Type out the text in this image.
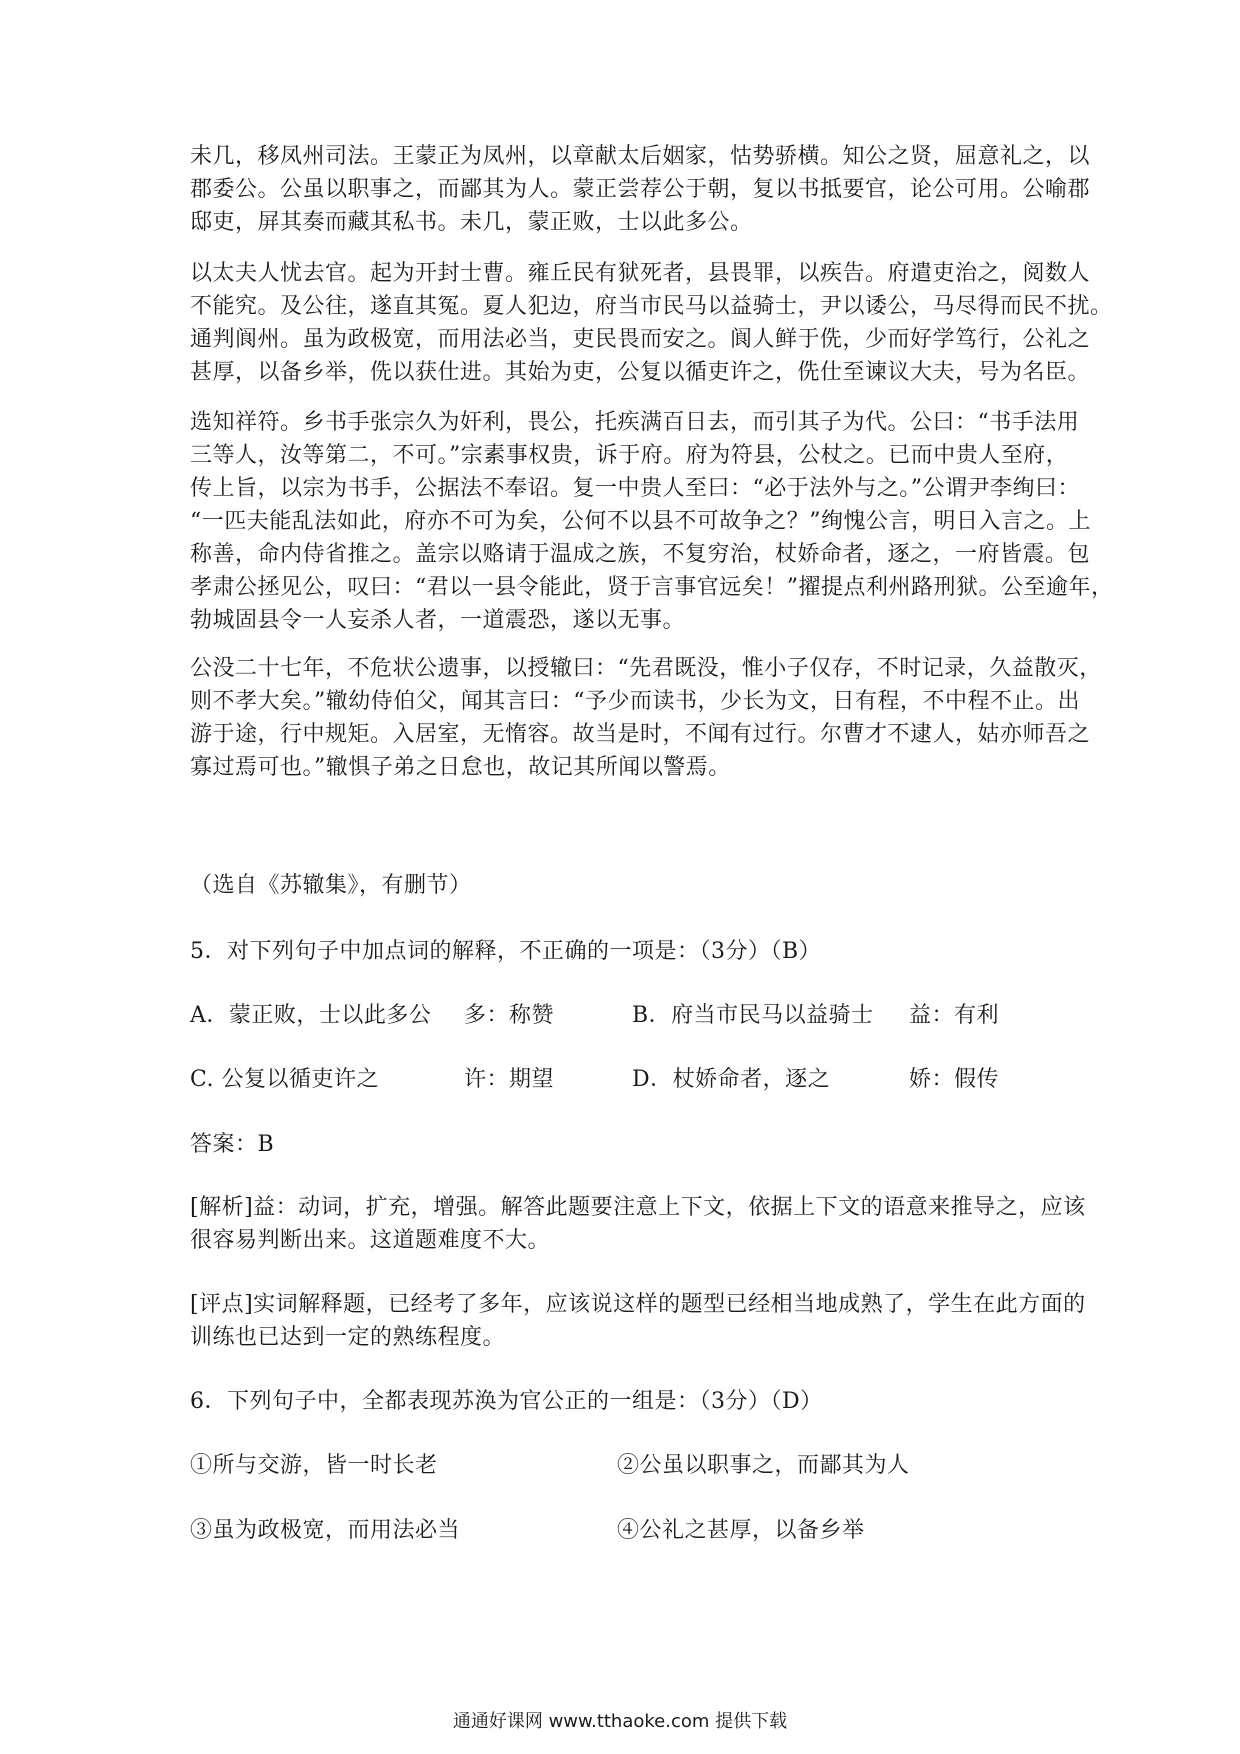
未几，移凤州司法。王蒙正为凤州，以章献太后姻家，怙势骄横。知公之贤，屈意礼之，以
郡委公。公虽以职事之，而鄙其为人。蒙正尝荐公于朝，复以书抵要官，论公可用。公喻郡
邸吏，屏其奏而藏其私书。未几，蒙正败，士以此多公。
以太夫人忧去官。起为开封士曹。雍丘民有狱死者，县畏罪，以疾告。府遣吏治之，阅数人
不能究。及公往，遂直其冤。夏人犯边，府当市民马以益骑士，尹以诿公，马尽得而民不扰。
通判阆州。虽为政极宽，而用法必当，吏民畏而安之。阆人鲜于侁，少而好学笃行，公礼之
甚厚，以备乡举，侁以获仕进。其始为吏，公复以循吏许之，侁仕至谏议大夫，号为名臣。
选知祥符。乡书手张宗久为奸利，畏公，托疾满百日去，而引其子为代。公曰：“书手法用
三等人，汝等第二，不可。”宗素事权贵，诉于府。府为符县，公杖之。已而中贵人至府，
传上旨，以宗为书手，公据法不奉诏。复一中贵人至曰：“必于法外与之。”公谓尹李绚曰：
“一匹夫能乱法如此，府亦不可为矣，公何不以县不可故争之？”绚愧公言，明日入言之。上
称善，命内侍省推之。盖宗以赂请于温成之族，不复穷治，杖娇命者，逐之，一府皆震。包
孝肃公拯见公，叹曰：“君以一县令能此，贤于言事官远矣！”擢提点利州路刑狱。公至逾年，
勃城固县令一人妄杀人者，一道震恐，遂以无事。
公没二十七年，不危状公遗事，以授辙曰：“先君既没，惟小子仅存，不时记录，久益散灭，
则不孝大矣。”辙幼侍伯父，闻其言曰：“予少而读书，少长为文，日有程，不中程不止。出
游于途，行中规矩。入居室，无惰容。故当是时，不闻有过行。尔曹才不逮人，姑亦师吾之
寡过焉可也。”辙惧子弟之日怠也，故记其所闻以警焉。
（选自《苏辙集》，有删节）
5．对下列句子中加点词的解释，不正确的一项是：（3分）（B）
A．蒙正败，士以此多公 多：称赞	B．府当市民马以益骑士 益：有利
C. 公复以循吏许之	许：期望	D．杖娇命者，逐之	娇：假传
答案：B
[解析]益：动词，扩充，增强。解答此题要注意上下文，依据上下文的语意来推导之，应该
很容易判断出来。这道题难度不大。
[评点]实词解释题，已经考了多年，应该说这样的题型已经相当地成熟了，学生在此方面的
训练也已达到一定的熟练程度。
6．下列句子中，全都表现苏涣为官公正的一组是：（3分）（D）
①所与交游，皆一时长老	②公虽以职事之，而鄙其为人
③虽为政极宽，而用法必当	④公礼之甚厚，以备乡举
通通好课网 www.tthaoke.com 提供下载
